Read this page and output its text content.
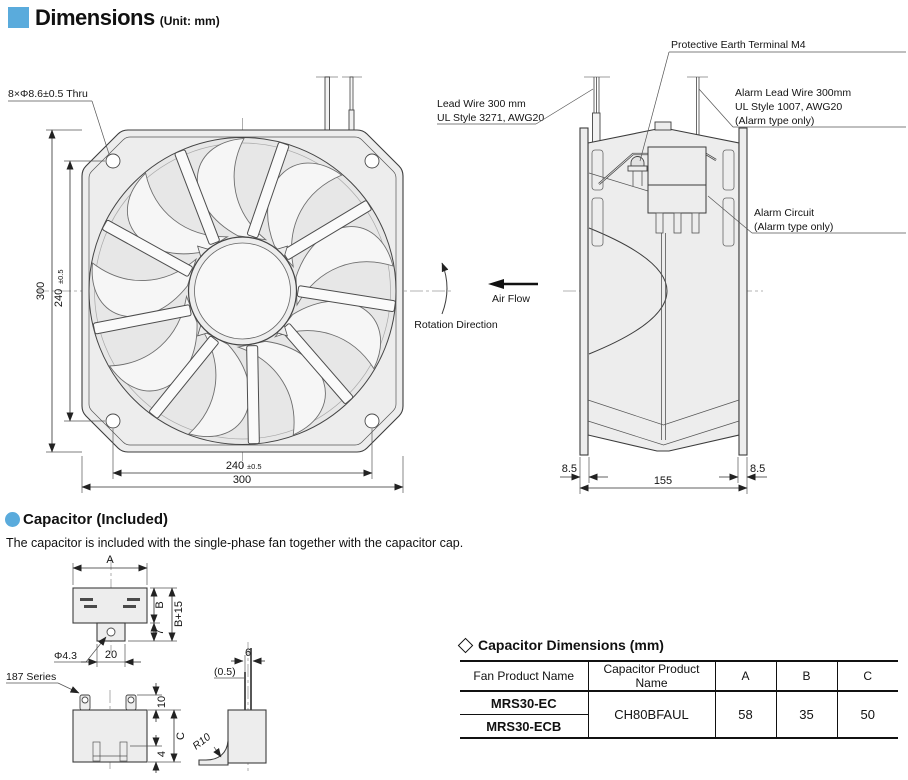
Dimensions (Unit: mm)
8×Φ8.6±0.5 Thru
300 240
±0.5
240 ±0.5
300
Air Flow
Rotation Direction
8.5	8.5
155
Lead Wire 300 mm
UL Style 3271, AWG20
Protective Earth Terminal M4
Alarm Lead Wire 300mm
UL Style 1007, AWG20
(Alarm type only)
Alarm Circuit
(Alarm type only)
A
B
7
B+15
Φ4.3	20
187 Series
10
C
4
6
(0.5)
R10
Capacitor (Included)
The capacitor is included with the single-phase fan together with the capacitor cap.
Capacitor Dimensions (mm)
Fan Product Name	Capacitor Product Name	A	B	C
MRS30-EC	CH80BFAUL	58	35	50
MRS30-ECB				
